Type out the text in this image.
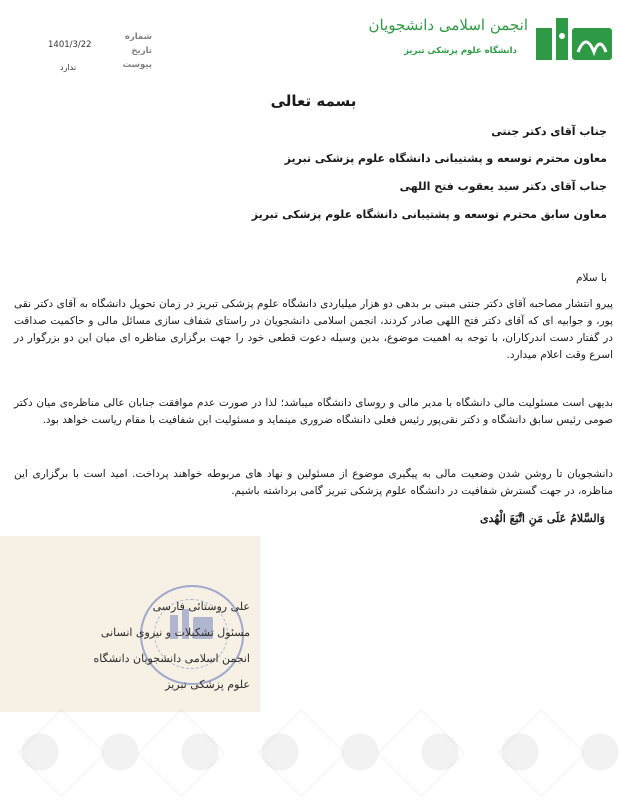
انجمن اسلامی دانشجویان
دانشگاه علوم پزشکی تبریز
شماره
تاریخ
پیوست
1401/3/22
ندارد
بسمه تعالی
جناب آقای دکتر جنتی
معاون محترم توسعه و پشتیبانی دانشگاه علوم پزشکی تبریز
جناب آقای دکتر سید یعقوب فتح اللهی
معاون سابق محترم توسعه و پشتیبانی دانشگاه علوم پزشکی تبریز
با سلام

پیرو انتشار مصاحبه آقای دکتر جنتی مبنی بر بدهی دو هزار میلیاردی دانشگاه علوم پزشکی تبریز در زمان تحویل دانشگاه به آقای دکتر نقی پور، و جوابیه ای که آقای دکتر فتح اللهی صادر کردند، انجمن اسلامی دانشجویان در راستای شفاف سازی مسائل مالی و حاکمیت صداقت در گفتار دست اندرکاران، با توجه به اهمیت موضوع، بدین وسیله دعوت قطعی خود را جهت برگزاری مناظره ای میان این دو بزرگوار در اسرع وقت اعلام میدارد.

بدیهی است مسئولیت مالی دانشگاه با مدیر مالی و روسای دانشگاه میباشد؛ لذا در صورت عدم موافقت جنابان عالی مناظره‌ی میان دکتر صومی رئیس سابق دانشگاه و دکتر نقی‌پور رئیس فعلی دانشگاه ضروری مینماید و مسئولیت این شفافیت با مقام ریاست خواهد بود.

دانشجویان تا روشن شدن وضعیت مالی به پیگیری موضوع از مسئولین و نهاد های مربوطه خواهند پرداخت. امید است با برگزاری این مناظره، در جهت گسترش شفافیت در دانشگاه علوم پزشکی تبریز گامی برداشته باشیم.

وَالسَّلامُ عَلَى مَنِ اتَّبَعَ الْهُدى
علی روستائی فارسی
مسئول تشکیلات و نیروی انسانی
انجمن اسلامی دانشجویان دانشگاه
علوم پزشکی تبریز
